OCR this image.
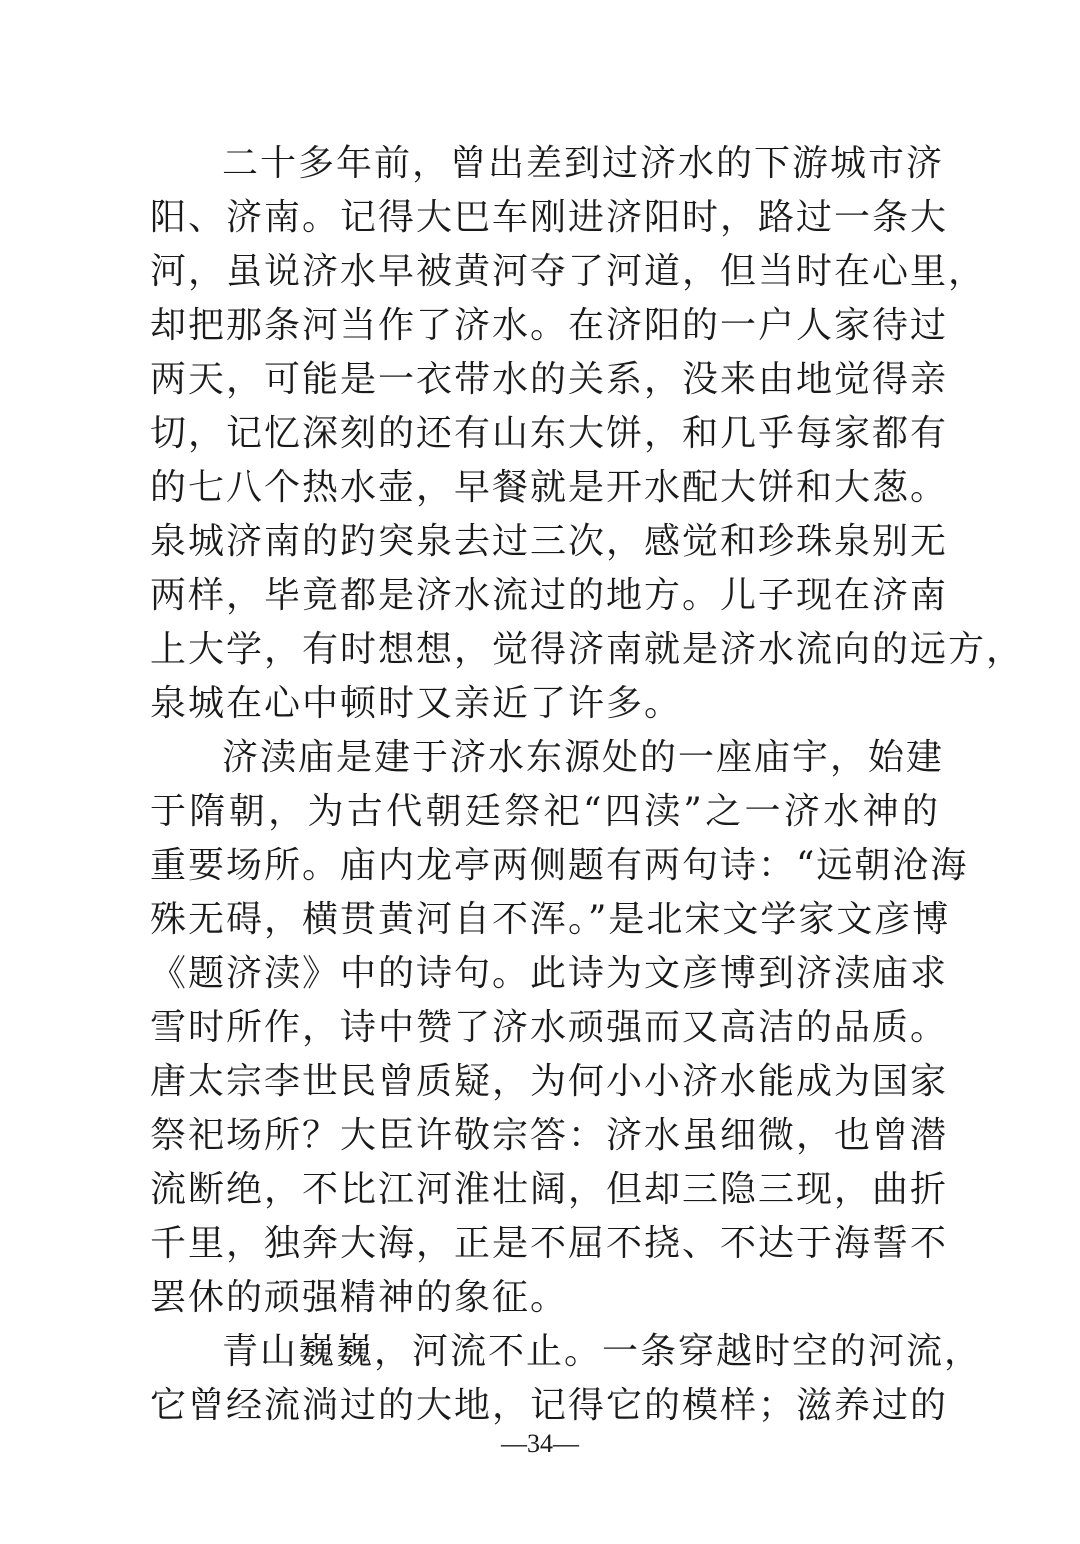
二十多年前，曾出差到过济水的下游城市济
阳、济南。记得大巴车刚进济阳时，路过一条大
河，虽说济水早被黄河夺了河道，但当时在心里，
却把那条河当作了济水。在济阳的一户人家待过
两天，可能是一衣带水的关系，没来由地觉得亲
切，记忆深刻的还有山东大饼，和几乎每家都有
的七八个热水壶，早餐就是开水配大饼和大葱。
泉城济南的趵突泉去过三次，感觉和珍珠泉别无
两样，毕竟都是济水流过的地方。儿子现在济南
上大学，有时想想，觉得济南就是济水流向的远方，
泉城在心中顿时又亲近了许多。
济渎庙是建于济水东源处的一座庙宇，始建
于隋朝，为古代朝廷祭祀“四渎”之一济水神的
重要场所。庙内龙亭两侧题有两句诗：“远朝沧海
殊无碍，横贯黄河自不浑。”是北宋文学家文彦博
《题济渎》中的诗句。此诗为文彦博到济渎庙求
雪时所作，诗中赞了济水顽强而又高洁的品质。
唐太宗李世民曾质疑，为何小小济水能成为国家
祭祀场所？大臣许敬宗答：济水虽细微，也曾潜
流断绝，不比江河淮壮阔，但却三隐三现，曲折
千里，独奔大海，正是不屈不挠、不达于海誓不
罢休的顽强精神的象征。
青山巍巍，河流不止。一条穿越时空的河流，
它曾经流淌过的大地，记得它的模样；滋养过的
—34—
